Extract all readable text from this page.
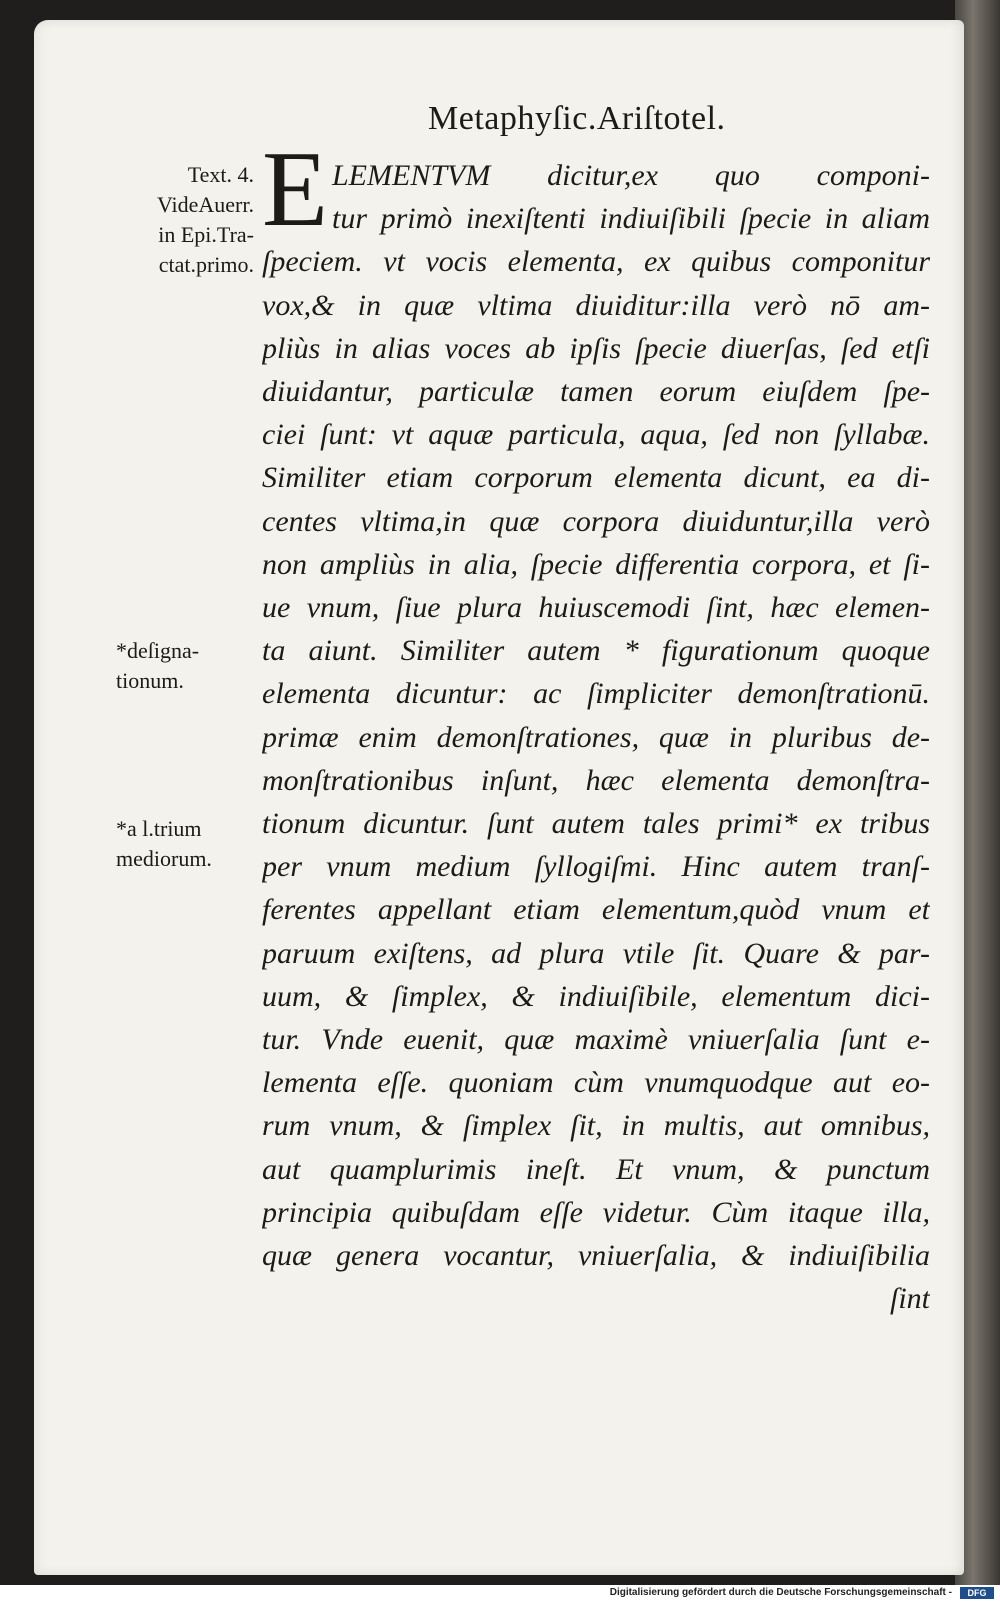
Metaphyſic.Ariſtotel.
Text. 4.
VideAuerr.
in Epi.Tra-
ctat.primo.
*deſigna-
tionum.
*a l.trium
mediorum.
E LEMENTVM dicitur,ex quo componi-
tur primò inexiſtenti indiuiſibili ſpecie in aliam
ſpeciem. vt vocis elementa, ex quibus componitur
vox,& in quæ vltima diuiditur:illa verò nō am-
pliùs in alias voces ab ipſis ſpecie diuerſas, ſed etſi
diuidantur, particulæ tamen eorum eiuſdem ſpe-
ciei ſunt: vt aquæ particula, aqua, ſed non ſyllabæ.
Similiter etiam corporum elementa dicunt, ea di-
centes vltima,in quæ corpora diuiduntur,illa verò
non ampliùs in alia, ſpecie differentia corpora, et ſi-
ue vnum, ſiue plura huiuscemodi ſint, hæc elemen-
ta aiunt. Similiter autem * figurationum quoque
elementa dicuntur: ac ſimpliciter demonſtrationū.
primæ enim demonſtrationes, quæ in pluribus de-
monſtrationibus inſunt, hæc elementa demonſtra-
tionum dicuntur. ſunt autem tales primi* ex tribus
per vnum medium ſyllogiſmi. Hinc autem tranſ-
ferentes appellant etiam elementum,quòd vnum et
paruum exiſtens, ad plura vtile ſit. Quare & par-
uum, & ſimplex, & indiuiſibile, elementum dici-
tur. Vnde euenit, quæ maximè vniuerſalia ſunt e-
lementa eſſe. quoniam cùm vnumquodque aut eo-
rum vnum, & ſimplex ſit, in multis, aut omnibus,
aut quamplurimis ineſt. Et vnum, & punctum
principia quibuſdam eſſe videtur. Cùm itaque illa,
quæ genera vocantur, vniuerſalia, & indiuiſibilia
ſint
Digitalisierung gefördert durch die Deutsche Forschungsgemeinschaft -	DFG
